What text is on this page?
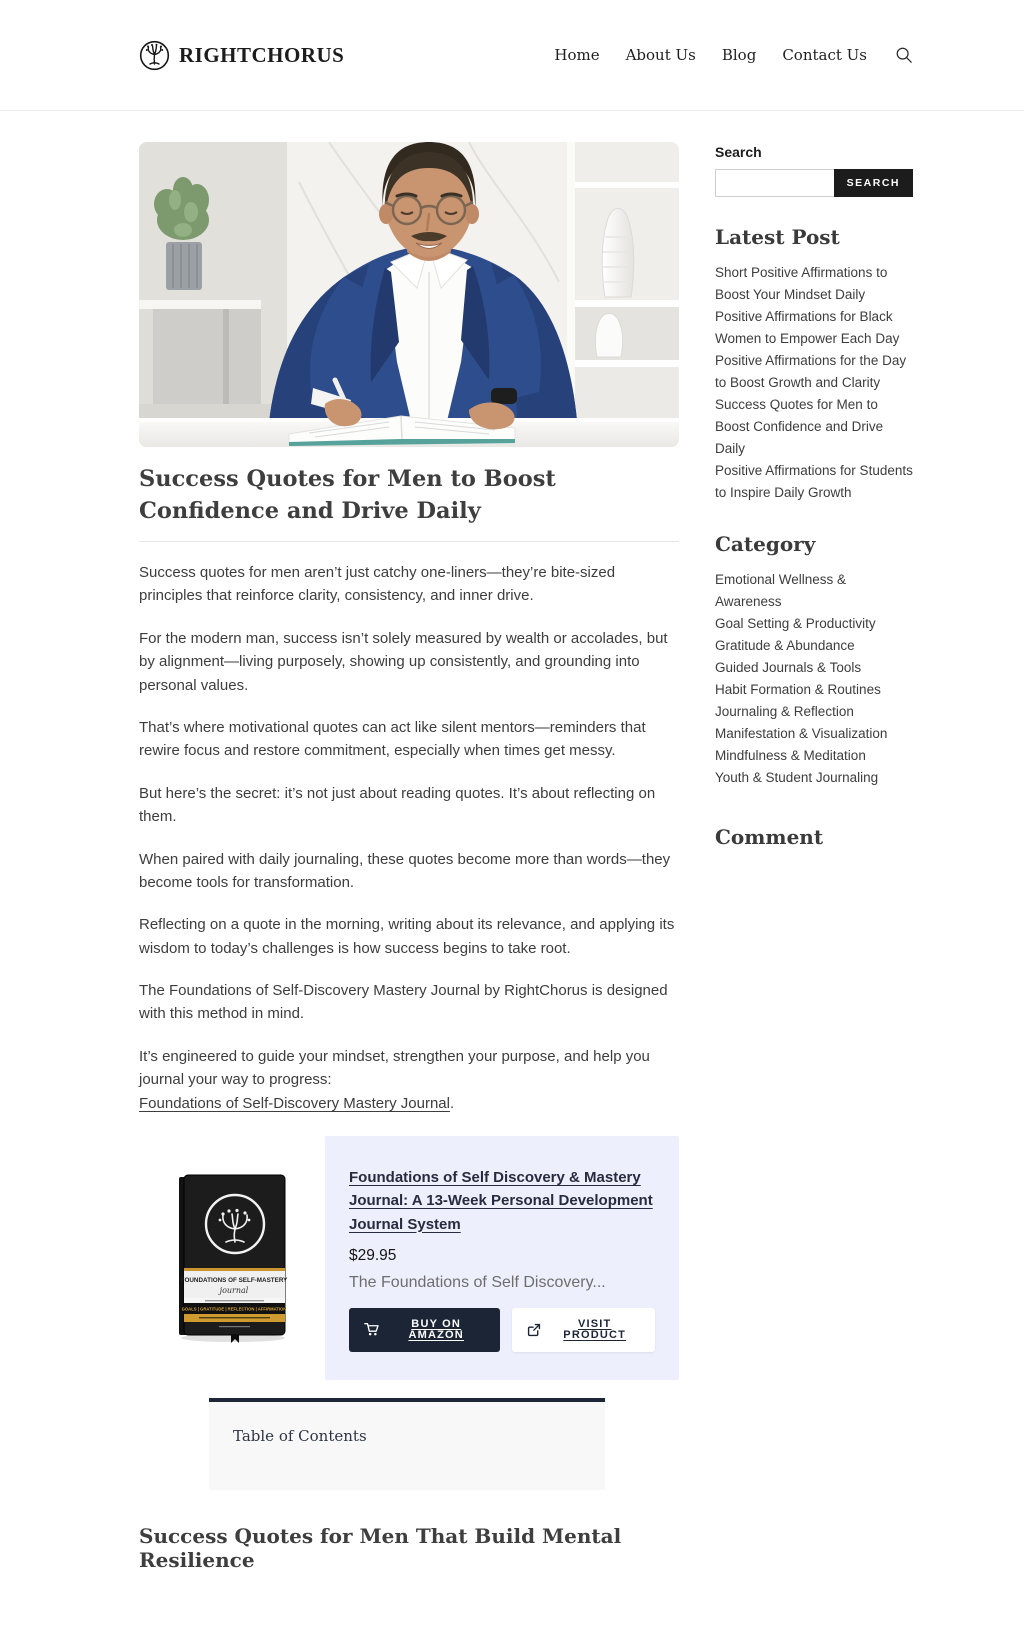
RIGHTCHORUS	Home About Us Blog Contact Us
Success Quotes for Men to Boost Confidence and Drive Daily

Success quotes for men aren’t just catchy one-liners—they’re bite-sized principles that reinforce clarity, consistency, and inner drive.

For the modern man, success isn’t solely measured by wealth or accolades, but by alignment—living purposely, showing up consistently, and grounding into personal values.

That’s where motivational quotes can act like silent mentors—reminders that rewire focus and restore commitment, especially when times get messy.

But here’s the secret: it’s not just about reading quotes. It’s about reflecting on them.

When paired with daily journaling, these quotes become more than words—they become tools for transformation.

Reflecting on a quote in the morning, writing about its relevance, and applying its wisdom to today’s challenges is how success begins to take root.

The Foundations of Self-Discovery Mastery Journal by RightChorus is designed with this method in mind.

It’s engineered to guide your mindset, strengthen your purpose, and help you journal your way to progress:
Foundations of Self-Discovery Mastery Journal.

FOUNDATIONS OF SELF-MASTERY
journal
GOALS | GRATITUDE | REFLECTION | AFFIRMATION
Foundations of Self Discovery & Mastery Journal: A 13-Week Personal Development Journal System
$29.95
The Foundations of Self Discovery...
BUY ON AMAZON
VISIT PRODUCT
Table of Contents
Success Quotes for Men That Build Mental Resilience
Search
SEARCH
Latest Post
Short Positive Affirmations to Boost Your Mindset Daily
Positive Affirmations for Black Women to Empower Each Day
Positive Affirmations for the Day to Boost Growth and Clarity
Success Quotes for Men to Boost Confidence and Drive Daily
Positive Affirmations for Students to Inspire Daily Growth
Category
Emotional Wellness & Awareness
Goal Setting & Productivity
Gratitude & Abundance
Guided Journals & Tools
Habit Formation & Routines
Journaling & Reflection
Manifestation & Visualization
Mindfulness & Meditation
Youth & Student Journaling
Comment
